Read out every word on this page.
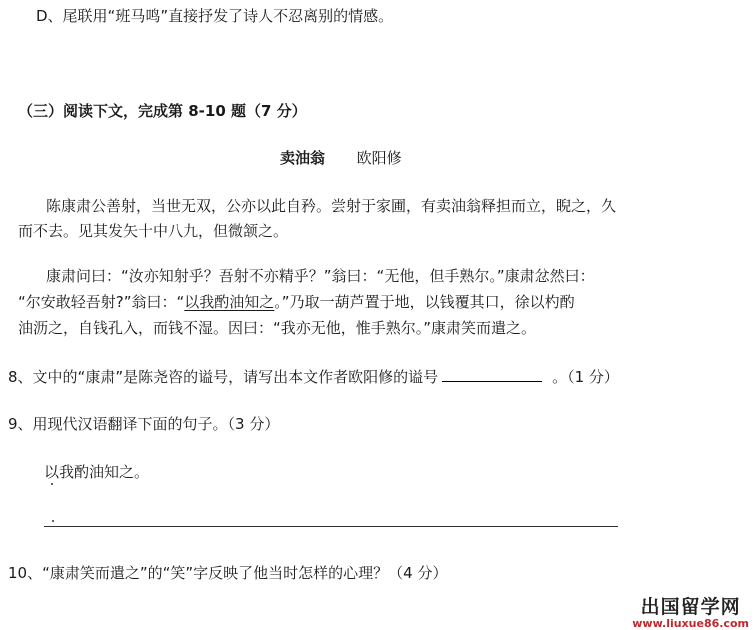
D、尾联用“班马鸣”直接抒发了诗人不忍离别的情感。
（三）阅读下文，完成第 8-10 题（7 分）
卖油翁 欧阳修
陈康肃公善射，当世无双，公亦以此自矜。尝射于家圃，有卖油翁释担而立，睨之，久
而不去。见其发矢十中八九，但微颔之。
康肃问曰：“汝亦知射乎？吾射不亦精乎？”翁曰：“无他，但手熟尔。”康肃忿然曰：
“尔安敢轻吾射?”翁曰：“以我酌油知之。”乃取一葫芦置于地，以钱覆其口，徐以杓酌
油沥之，自钱孔入，而钱不湿。因曰：“我亦无他，惟手熟尔。”康肃笑而遣之。
8、文中的“康肃”是陈尧咨的谥号，请写出本文作者欧阳修的谥号	。（1 分）
9、用现代汉语翻译下面的句子。（3 分）
以我酌油知之。
10、“康肃笑而遣之”的“笑”字反映了他当时怎样的心理？（4 分）
出国留学网
www.liuxue86.com
